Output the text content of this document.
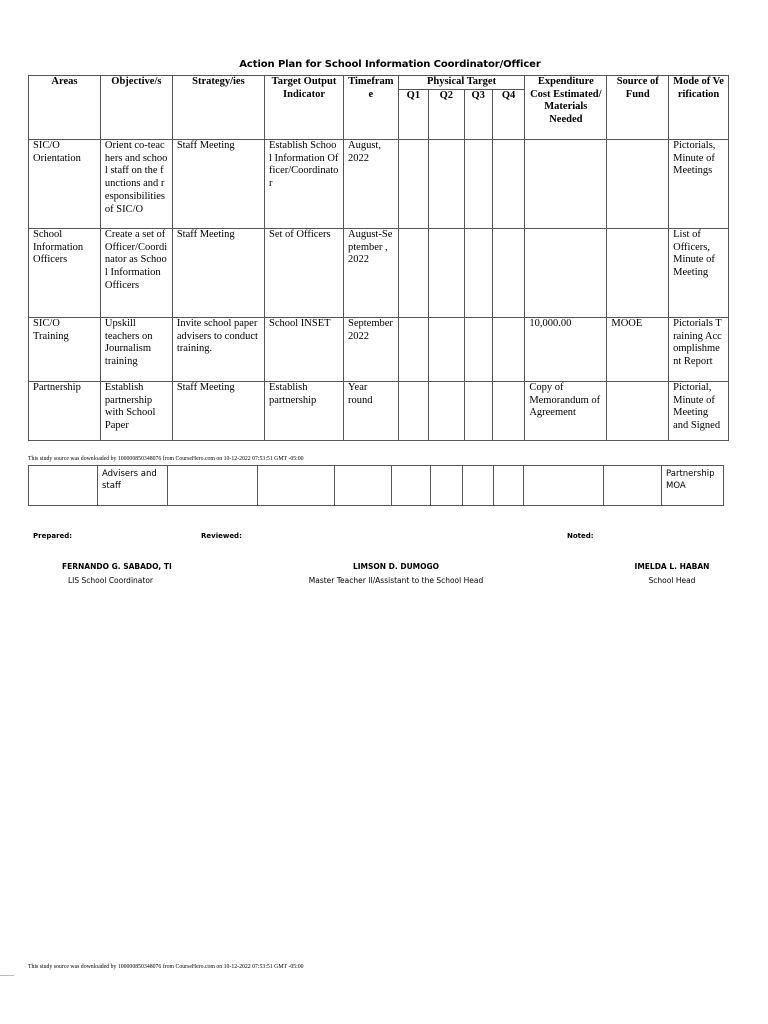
Action Plan for School Information Coordinator/Officer
Areas	Objective/s	Strategy/ies	Target Output Indicator	Timeframe	Physical Target				Expenditure Cost Estimated/ Materials Needed	Source of Fund	Mode of Verification
					Q1	Q2	Q3	Q4			
SIC/O Orientation	Orient co-teachers and school staff on the functions and responsibilities of SIC/O	Staff Meeting	Establish School Information Officer/Coordinator	August, 2022							Pictorials, Minute of Meetings
School Information Officers	Create a set of Officer/Coordinator as School Information Officers	Staff Meeting	Set of Officers	August-September , 2022							List of Officers, Minute of Meeting
SIC/O Training	Upskill teachers on Journalism training	Invite school paper advisers to conduct training.	School INSET	September 2022					10,000.00	MOOE	Pictorials Training Accomplishment Report
Partnership	Establish partnership with School Paper	Staff Meeting	Establish partnership	Year round					Copy of Memorandum of Agreement		Pictorial, Minute of Meeting and Signed
This study source was downloaded by 100000850348076 from CourseHero.com on 10-12-2022 07:53:51 GMT -05:00
	Advisers and staff										Partnership MOA
Prepared:	Reviewed:	Noted:
FERNANDO G. SABADO, TI
LIS School Coordinator
LIMSON D. DUMOGO
Master Teacher II/Assistant to the School Head
IMELDA L. HABAN
School Head
This study source was downloaded by 100000850348076 from CourseHero.com on 10-12-2022 07:53:51 GMT -05:00
